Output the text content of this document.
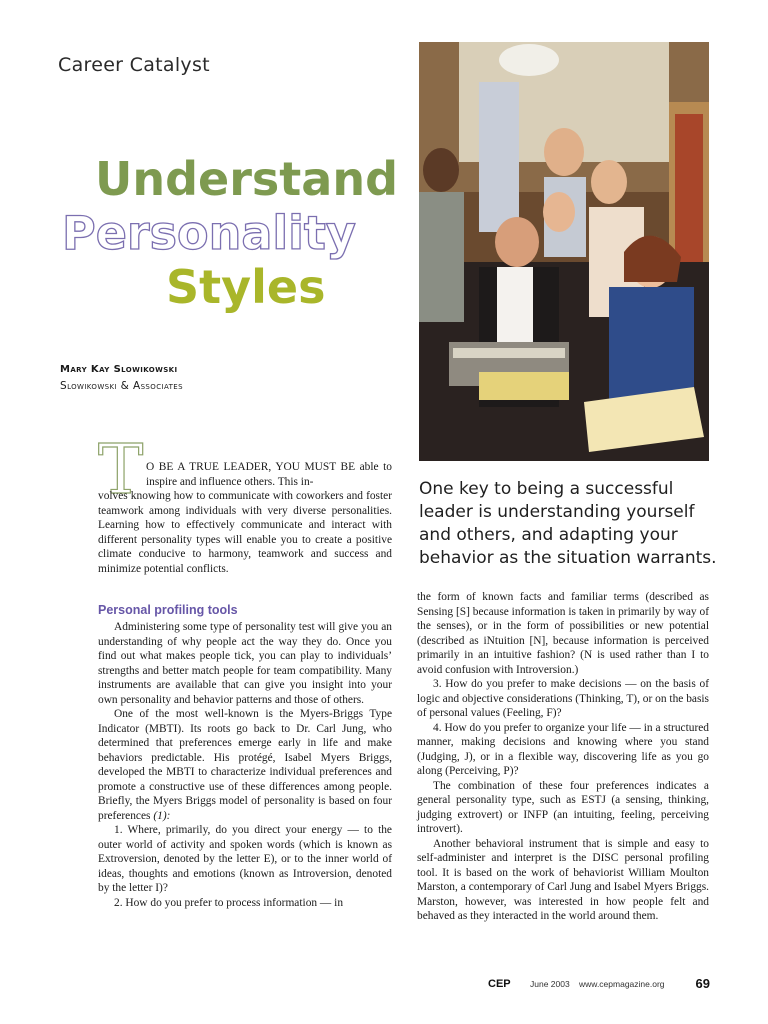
Career Catalyst
Understand
Personality
Styles
Mary Kay Slowikowski
Slowikowski & Associates
One key to being a successful leader is understanding yourself and others, and adapting your behavior as the situation warrants.
T O BE A TRUE LEADER, YOU MUST BE able to inspire and influence others. This in-

volves knowing how to communicate with coworkers and foster teamwork among individuals with very diverse personalities. Learning how to effectively communicate and interact with different personality types will enable you to create a positive climate conducive to harmony, teamwork and success and minimize potential conflicts.

Personal profiling tools

Administering some type of personality test will give you an understanding of why people act the way they do. Once you find out what makes people tick, you can play to individuals’ strengths and better match people for team compatibility. Many instruments are available that can give you insight into your own personality and behavior patterns and those of others.

One of the most well-known is the Myers-Briggs Type Indicator (MBTI). Its roots go back to Dr. Carl Jung, who determined that preferences emerge early in life and make behaviors predictable. His protégé, Isabel Myers Briggs, developed the MBTI to characterize individual preferences and promote a constructive use of these differences among people. Briefly, the Myers Briggs model of personality is based on four preferences (1):

1. Where, primarily, do you direct your energy — to the outer world of activity and spoken words (which is known as Extroversion, denoted by the letter E), or to the inner world of ideas, thoughts and emotions (known as Introversion, denoted by the letter I)?

2. How do you prefer to process information — in

the form of known facts and familiar terms (described as Sensing [S] because information is taken in primarily by way of the senses), or in the form of possibilities or new potential (described as iNtuition [N], because information is perceived primarily in an intuitive fashion? (N is used rather than I to avoid confusion with Introversion.)

3. How do you prefer to make decisions — on the basis of logic and objective considerations (Thinking, T), or on the basis of personal values (Feeling, F)?

4. How do you prefer to organize your life — in a structured manner, making decisions and knowing where you stand (Judging, J), or in a flexible way, discovering life as you go along (Perceiving, P)?

The combination of these four preferences indicates a general personality type, such as ESTJ (a sensing, thinking, judging extrovert) or INFP (an intuiting, feeling, perceiving introvert).

Another behavioral instrument that is simple and easy to self-administer and interpret is the DISC personal profiling tool. It is based on the work of behaviorist William Moulton Marston, a contemporary of Carl Jung and Isabel Myers Briggs. Marston, however, was interested in how people felt and behaved as they interacted in the world around them.

CEP June 2003 www.cepmagazine.org 69
